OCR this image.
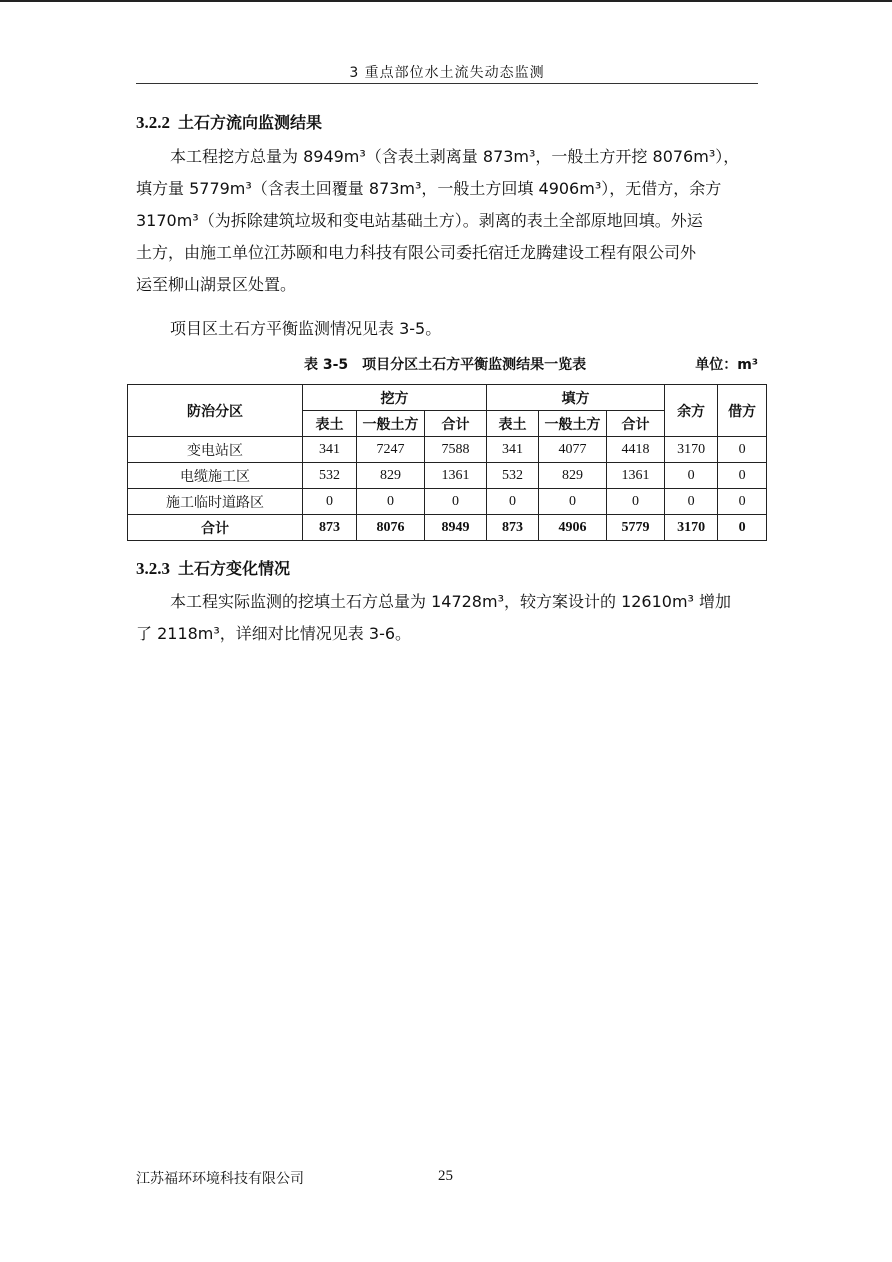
3 重点部位水土流失动态监测
3.2.2 土石方流向监测结果
本工程挖方总量为 8949m³（含表土剥离量 873m³，一般土方开挖 8076m³），
填方量 5779m³（含表土回覆量 873m³，一般土方回填 4906m³），无借方，余方
3170m³（为拆除建筑垃圾和变电站基础土方）。剥离的表土全部原地回填。外运
土方，由施工单位江苏颐和电力科技有限公司委托宿迁龙腾建设工程有限公司外
运至柳山湖景区处置。
项目区土石方平衡监测情况见表 3-5。
表 3-5　项目分区土石方平衡监测结果一览表	单位：m³
防治分区	挖方			填方			余方	借方
	表土	一般土方	合计	表土	一般土方	合计		
变电站区	341	7247	7588	341	4077	4418	3170	0
电缆施工区	532	829	1361	532	829	1361	0	0
施工临时道路区	0	0	0	0	0	0	0	0
合计	873	8076	8949	873	4906	5779	3170	0
3.2.3 土石方变化情况
本工程实际监测的挖填土石方总量为 14728m³，较方案设计的 12610m³ 增加
了 2118m³，详细对比情况见表 3-6。
江苏福环环境科技有限公司	25
